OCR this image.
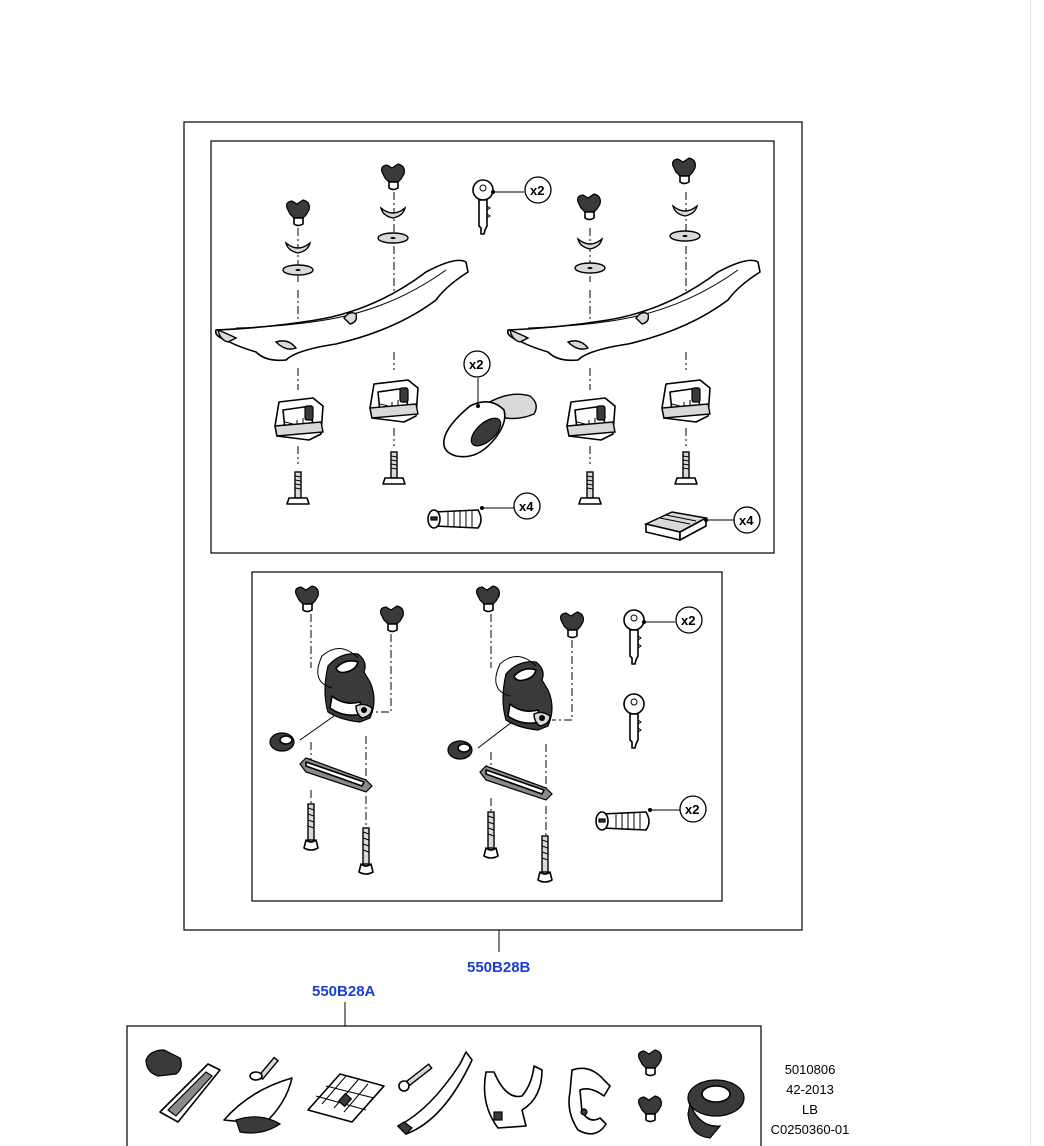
x2
x2
x4
x4
x2
x2
550B28B
550B28A
5010806
42-2013
LB
C0250360-01
